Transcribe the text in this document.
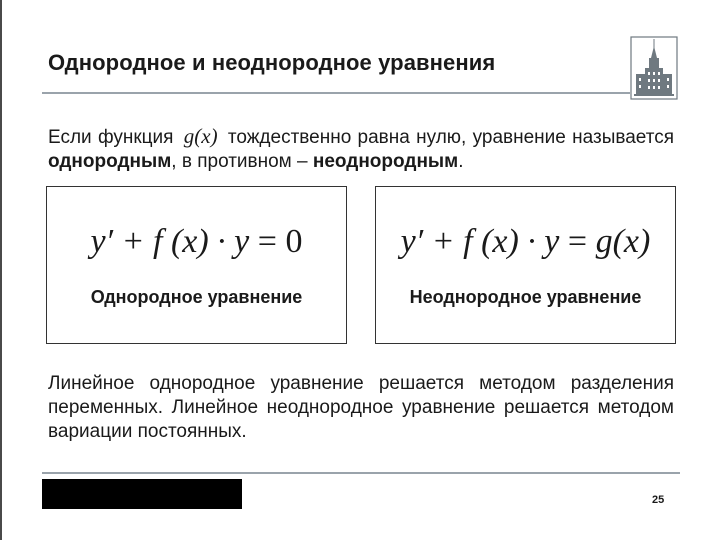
Однородное и неоднородное уравнения
Если функция g(x) тождественно равна нулю, уравнение называется однородным, в противном – неоднородным.
y′ + f (x) · y = 0
Однородное уравнение
y′ + f (x) · y = g(x)
Неоднородное уравнение
Линейное однородное уравнение решается методом разделения переменных. Линейное неоднородное уравнение решается методом вариации постоянных.
25
